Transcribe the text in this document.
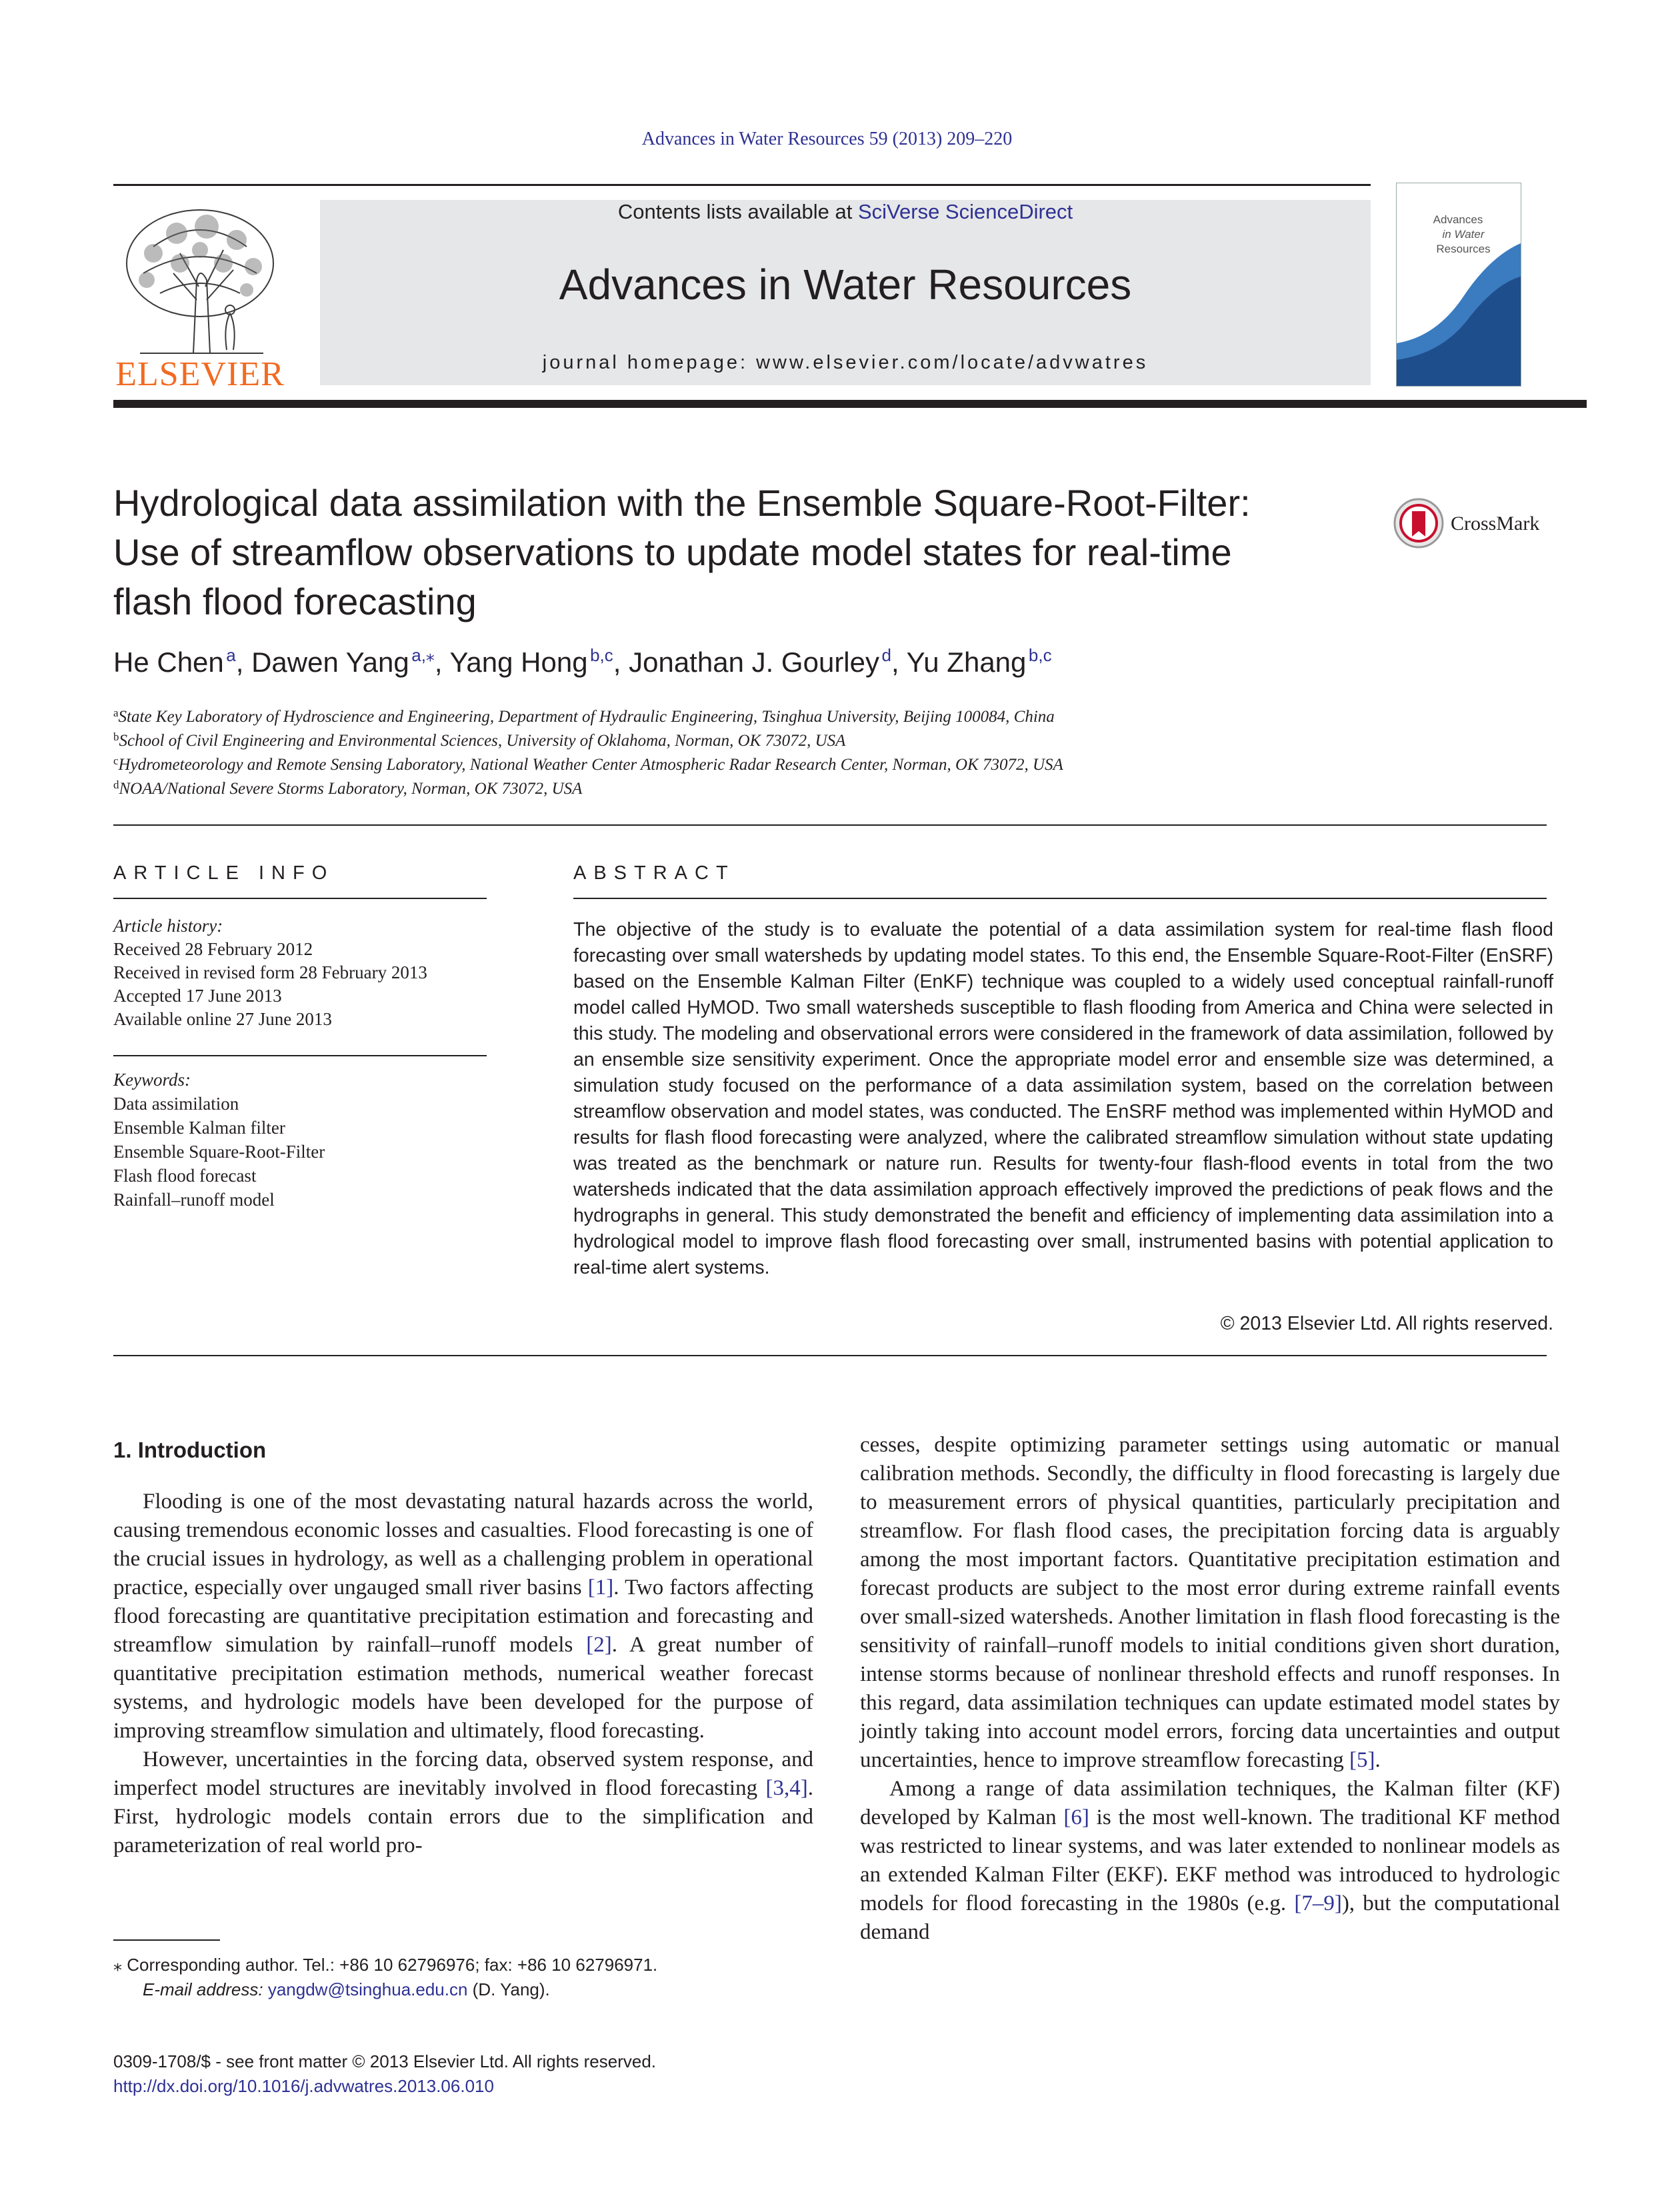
Advances in Water Resources 59 (2013) 209–220
ELSEVIER
Contents lists available at SciVerse ScienceDirect
Advances in Water Resources
journal homepage: www.elsevier.com/locate/advwatres
Advances
in Water
Resources
Hydrological data assimilation with the Ensemble Square-Root-Filter:
Use of streamflow observations to update model states for real-time
flash flood forecasting
CrossMark
He Chen  $^a$, Dawen Yang  $^{a,⁎}$, Yang Hong  $^{b,c}$, Jonathan J. Gourley  $^d$, Yu Zhang  $^{b,c}$
$^a$State Key Laboratory of Hydroscience and Engineering, Department of Hydraulic Engineering, Tsinghua University, Beijing 100084, China
$^b$School of Civil Engineering and Environmental Sciences, University of Oklahoma, Norman, OK 73072, USA
$^c$Hydrometeorology and Remote Sensing Laboratory, National Weather Center Atmospheric Radar Research Center, Norman, OK 73072, USA
$^d$NOAA/National Severe Storms Laboratory, Norman, OK 73072, USA
ARTICLE INFO	ABSTRACT
Article history:
Received 28 February 2012
Received in revised form 28 February 2013
Accepted 17 June 2013
Available online 27 June 2013
Keywords:
Data assimilation
Ensemble Kalman filter
Ensemble Square-Root-Filter
Flash flood forecast
Rainfall–runoff model
The objective of the study is to evaluate the potential of a data assimilation system for real-time flash flood forecasting over small watersheds by updating model states. To this end, the Ensemble Square-Root-Filter (EnSRF) based on the Ensemble Kalman Filter (EnKF) technique was coupled to a widely used conceptual rainfall-runoff model called HyMOD. Two small watersheds susceptible to flash flooding from America and China were selected in this study. The modeling and observational errors were considered in the framework of data assimilation, followed by an ensemble size sensitivity experiment. Once the appropriate model error and ensemble size was determined, a simulation study focused on the performance of a data assimilation system, based on the correlation between streamflow observation and model states, was conducted. The EnSRF method was implemented within HyMOD and results for flash flood forecasting were analyzed, where the calibrated streamflow simulation without state updating was treated as the benchmark or nature run. Results for twenty-four flash-flood events in total from the two watersheds indicated that the data assimilation approach effectively improved the predictions of peak flows and the hydrographs in general. This study demonstrated the benefit and efficiency of implementing data assimilation into a hydrological model to improve flash flood forecasting over small, instrumented basins with potential application to real-time alert systems.
© 2013 Elsevier Ltd. All rights reserved.
1. Introduction

Flooding is one of the most devastating natural hazards across the world, causing tremendous economic losses and casualties. Flood forecasting is one of the crucial issues in hydrology, as well as a challenging problem in operational practice, especially over ungauged small river basins [1]. Two factors affecting flood forecasting are quantitative precipitation estimation and forecasting and streamflow simulation by rainfall–runoff models [2]. A great number of quantitative precipitation estimation methods, numerical weather forecast systems, and hydrologic models have been developed for the purpose of improving streamflow simulation and ultimately, flood forecasting.

However, uncertainties in the forcing data, observed system response, and imperfect model structures are inevitably involved in flood forecasting [3,4]. First, hydrologic models contain errors due to the simplification and parameterization of real world pro-

cesses, despite optimizing parameter settings using automatic or manual calibration methods. Secondly, the difficulty in flood forecasting is largely due to measurement errors of physical quantities, particularly precipitation and streamflow. For flash flood cases, the precipitation forcing data is arguably among the most important factors. Quantitative precipitation estimation and forecast products are subject to the most error during extreme rainfall events over small-sized watersheds. Another limitation in flash flood forecasting is the sensitivity of rainfall–runoff models to initial conditions given short duration, intense storms because of nonlinear threshold effects and runoff responses. In this regard, data assimilation techniques can update estimated model states by jointly taking into account model errors, forcing data uncertainties and output uncertainties, hence to improve streamflow forecasting [5].

Among a range of data assimilation techniques, the Kalman filter (KF) developed by Kalman [6] is the most well-known. The traditional KF method was restricted to linear systems, and was later extended to nonlinear models as an extended Kalman Filter (EKF). EKF method was introduced to hydrologic models for flood forecasting in the 1980s (e.g. [7–9]), but the computational demand

⁎ Corresponding author. Tel.: +86 10 62796976; fax: +86 10 62796971.
E-mail address: yangdw@tsinghua.edu.cn (D. Yang).
0309-1708/$ - see front matter © 2013 Elsevier Ltd. All rights reserved.
http://dx.doi.org/10.1016/j.advwatres.2013.06.010
